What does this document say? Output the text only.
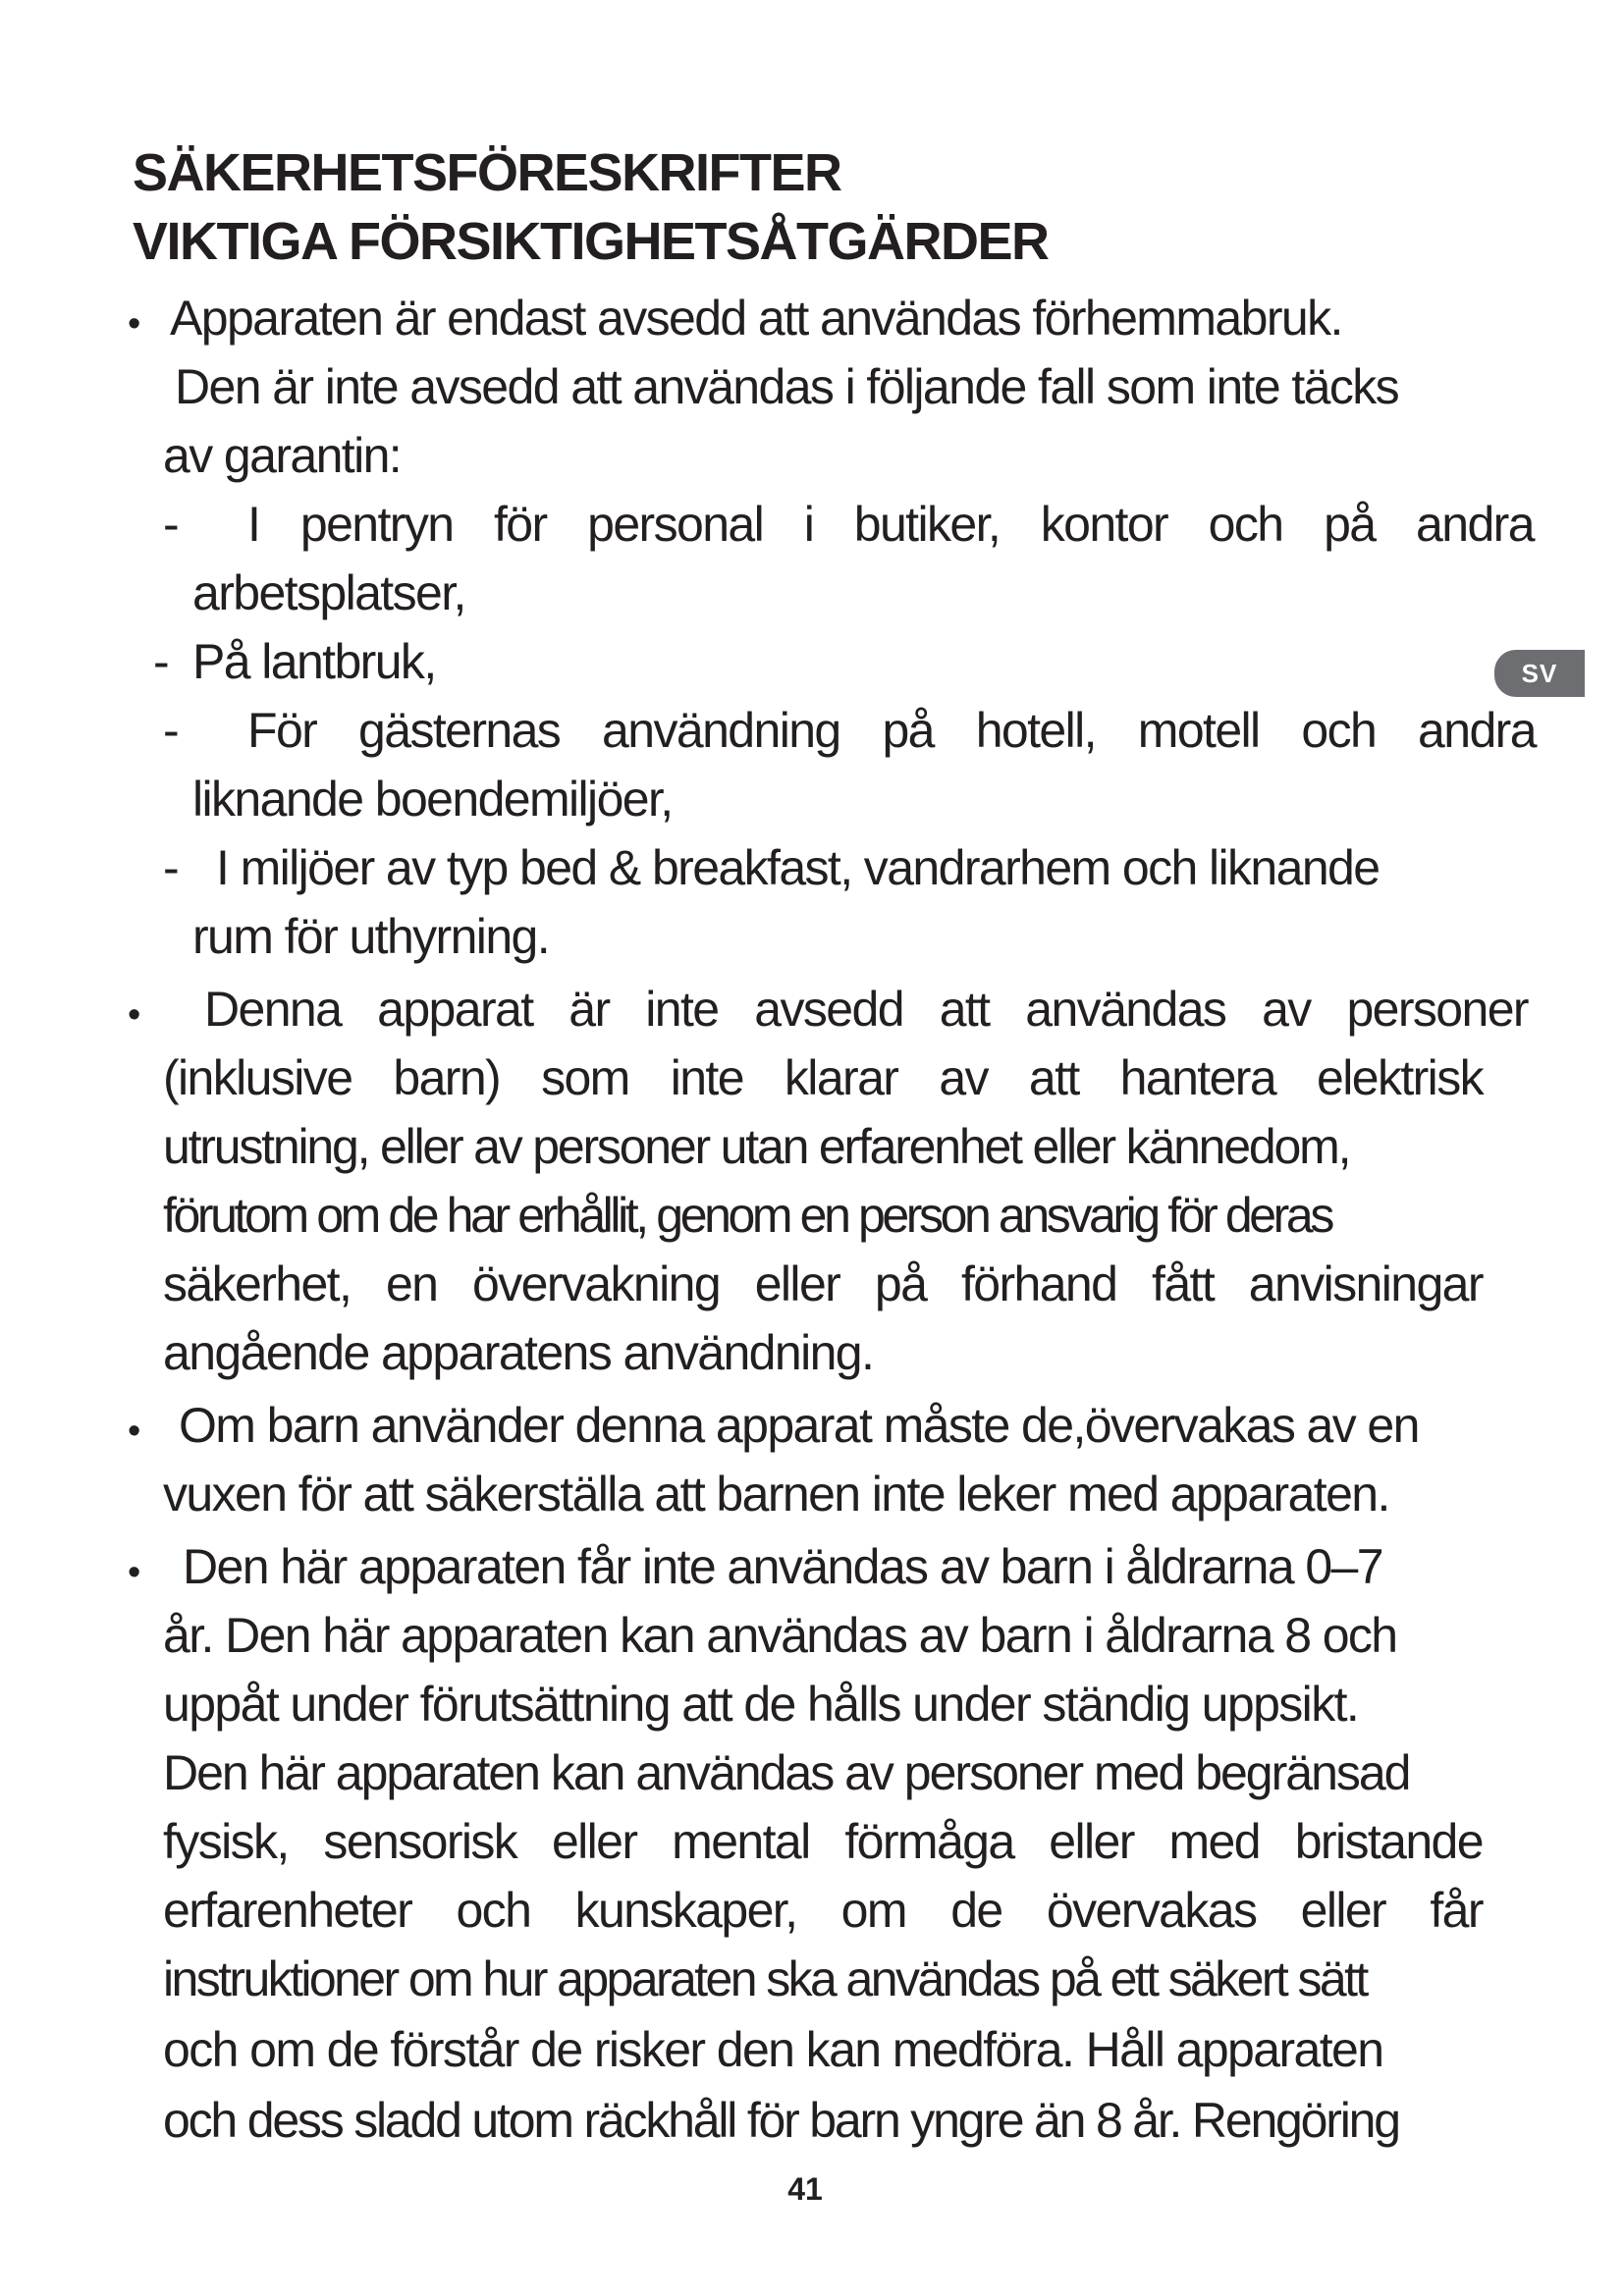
SÄKERHETSFÖRESKRIFTER
VIKTIGA FÖRSIKTIGHETSÅTGÄRDER
• Apparaten är endast avsedd att användas förhemmabruk.
Den är inte avsedd att användas i följande fall som inte täcks
av garantin:
- I pentryn för personal i butiker, kontor och på andra
arbetsplatser,
- På lantbruk,
- För gästernas användning på hotell, motell och andra
liknande boendemiljöer,
- I miljöer av typ bed & breakfast, vandrarhem och liknande
rum för uthyrning.
• Denna apparat är inte avsedd att användas av personer
(inklusive barn) som inte klarar av att hantera elektrisk
utrustning, eller av personer utan erfarenhet eller kännedom,
förutom om de har erhållit, genom en person ansvarig för deras
säkerhet, en övervakning eller på förhand fått anvisningar
angående apparatens användning.
• Om barn använder denna apparat måste de,övervakas av en
vuxen för att säkerställa att barnen inte leker med apparaten.
• Den här apparaten får inte användas av barn i åldrarna 0–7
år. Den här apparaten kan användas av barn i åldrarna 8 och
uppåt under förutsättning att de hålls under ständig uppsikt.
Den här apparaten kan användas av personer med begränsad
fysisk, sensorisk eller mental förmåga eller med bristande
erfarenheter och kunskaper, om de övervakas eller får
instruktioner om hur apparaten ska användas på ett säkert sätt
och om de förstår de risker den kan medföra. Håll apparaten
och dess sladd utom räckhåll för barn yngre än 8 år. Rengöring
SV
41
